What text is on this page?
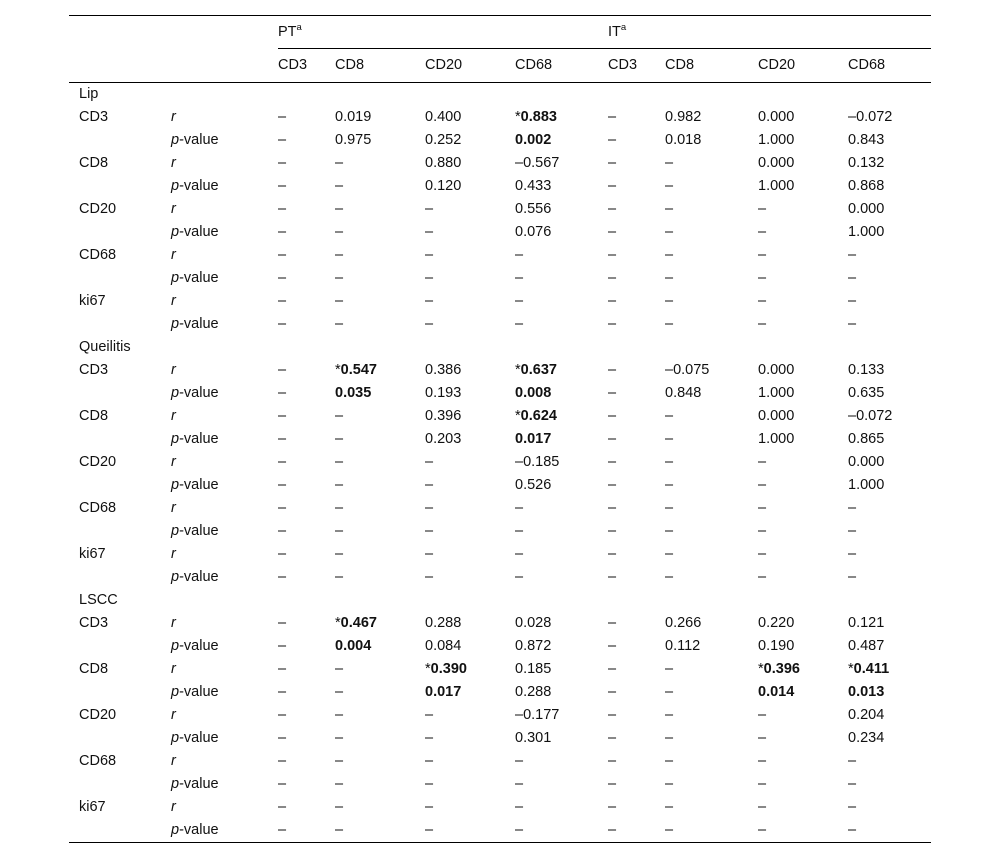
		$PT^a$				$IT^a$
		CD3	CD8	CD20	CD68	CD3	CD8	CD20	CD68
Lip									
CD3	r	–	0.019	0.400	*0.883	–	0.982	0.000	–0.072
	p-value	–	0.975	0.252	0.002	–	0.018	1.000	0.843
CD8	r	–	–	0.880	–0.567	–	–	0.000	0.132
	p-value	–	–	0.120	0.433	–	–	1.000	0.868
CD20	r	–	–	–	0.556	–	–	–	0.000
	p-value	–	–	–	0.076	–	–	–	1.000
CD68	r	–	–	–	–	–	–	–	–
	p-value	–	–	–	–	–	–	–	–
ki67	r	–	–	–	–	–	–	–	–
	p-value	–	–	–	–	–	–	–	–
Queilitis									
CD3	r	–	*0.547	0.386	*0.637	–	–0.075	0.000	0.133
	p-value	–	0.035	0.193	0.008	–	0.848	1.000	0.635
CD8	r	–	–	0.396	*0.624	–	–	0.000	–0.072
	p-value	–	–	0.203	0.017	–	–	1.000	0.865
CD20	r	–	–	–	–0.185	–	–	–	0.000
	p-value	–	–	–	0.526	–	–	–	1.000
CD68	r	–	–	–	–	–	–	–	–
	p-value	–	–	–	–	–	–	–	–
ki67	r	–	–	–	–	–	–	–	–
	p-value	–	–	–	–	–	–	–	–
LSCC									
CD3	r	–	*0.467	0.288	0.028	–	0.266	0.220	0.121
	p-value	–	0.004	0.084	0.872	–	0.112	0.190	0.487
CD8	r	–	–	*0.390	0.185	–	–	*0.396	*0.411
	p-value	–	–	0.017	0.288	–	–	0.014	0.013
CD20	r	–	–	–	–0.177	–	–	–	0.204
	p-value	–	–	–	0.301	–	–	–	0.234
CD68	r	–	–	–	–	–	–	–	–
	p-value	–	–	–	–	–	–	–	–
ki67	r	–	–	–	–	–	–	–	–
	p-value	–	–	–	–	–	–	–	–
